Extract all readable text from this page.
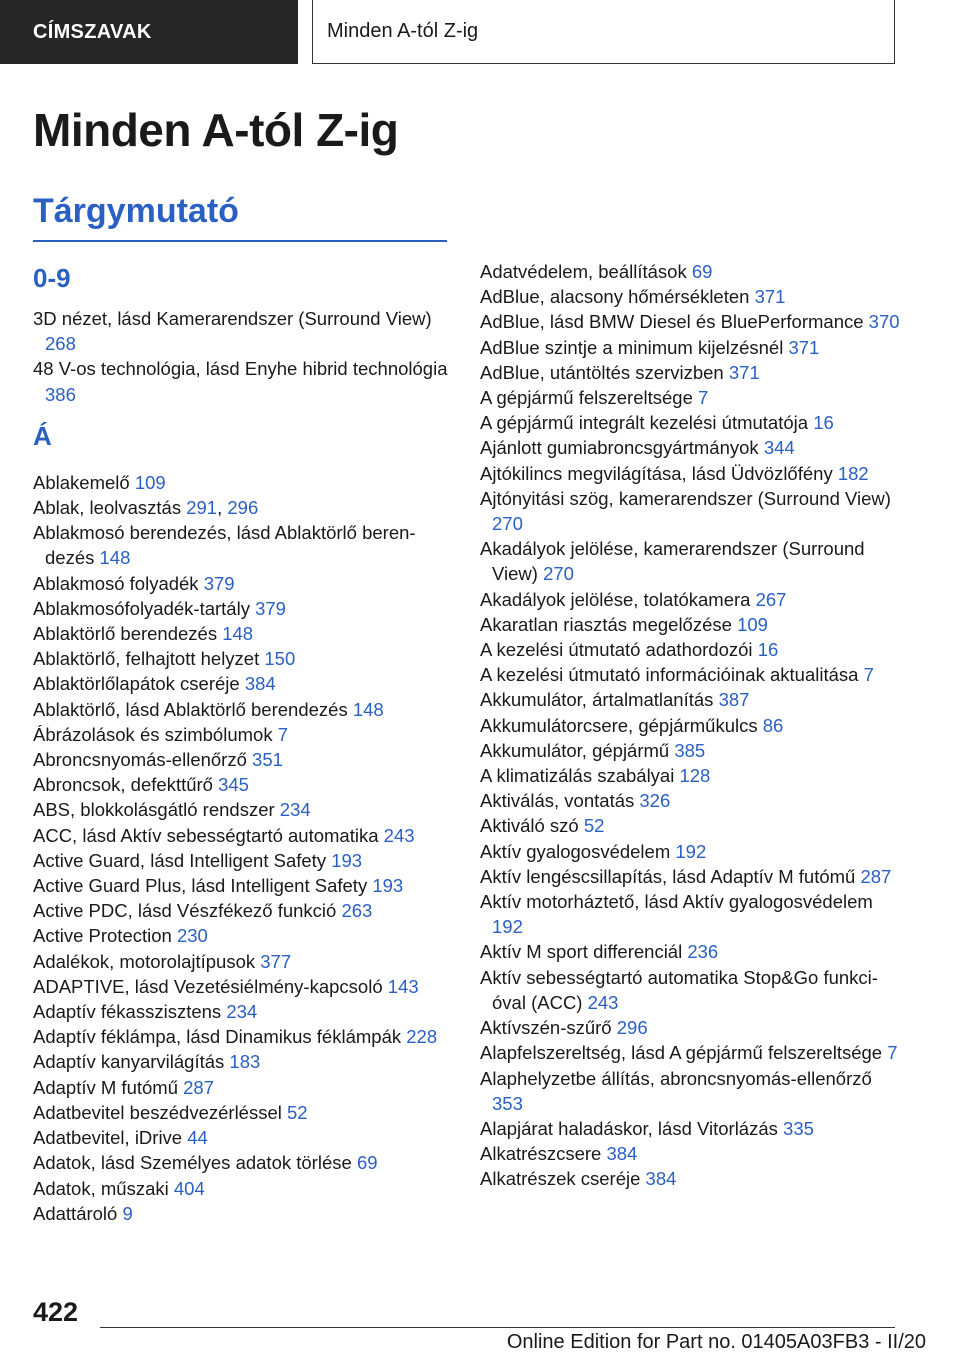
CÍMSZAVAK	Minden A-tól Z-ig
Minden A-tól Z-ig
Tárgymutató
0-9
3D nézet, lásd Kamerarendszer (Surround View) 268
48 V-os technológia, lásd Enyhe hibrid technológia 386
Á
Ablakemelő 109
Ablak, leolvasztás 291, 296
Ablakmosó berendezés, lásd Ablaktörlő berendezés 148
Ablakmosó folyadék 379
Ablakmosófolyadék-tartály 379
Ablaktörlő berendezés 148
Ablaktörlő, felhajtott helyzet 150
Ablaktörlőlapátok cseréje 384
Ablaktörlő, lásd Ablaktörlő berendezés 148
Ábrázolások és szimbólumok 7
Abroncsnyomás-ellenőrző 351
Abroncsok, defekttűrő 345
ABS, blokkolásgátló rendszer 234
ACC, lásd Aktív sebességtartó automatika 243
Active Guard, lásd Intelligent Safety 193
Active Guard Plus, lásd Intelligent Safety 193
Active PDC, lásd Vészfékező funkció 263
Active Protection 230
Adalékok, motorolajtípusok 377
ADAPTIVE, lásd Vezetésiélmény-kapcsoló 143
Adaptív fékasszisztens 234
Adaptív féklámpa, lásd Dinamikus féklámpák 228
Adaptív kanyarvilágítás 183
Adaptív M futómű 287
Adatbevitel beszédvezérléssel 52
Adatbevitel, iDrive 44
Adatok, lásd Személyes adatok törlése 69
Adatok, műszaki 404
Adattároló 9
Adatvédelem, beállítások 69
AdBlue, alacsony hőmérsékleten 371
AdBlue, lásd BMW Diesel és BluePerformance 370
AdBlue szintje a minimum kijelzésnél 371
AdBlue, utántöltés szervizben 371
A gépjármű felszereltsége 7
A gépjármű integrált kezelési útmutatója 16
Ajánlott gumiabroncsgyártmányok 344
Ajtókilincs megvilágítása, lásd Üdvözlőfény 182
Ajtónyitási szög, kamerarendszer (Surround View) 270
Akadályok jelölése, kamerarendszer (Surround View) 270
Akadályok jelölése, tolatókamera 267
Akaratlan riasztás megelőzése 109
A kezelési útmutató adathordozói 16
A kezelési útmutató információinak aktualitása 7
Akkumulátor, ártalmatlanítás 387
Akkumulátorcsere, gépjárműkulcs 86
Akkumulátor, gépjármű 385
A klimatizálás szabályai 128
Aktiválás, vontatás 326
Aktiváló szó 52
Aktív gyalogosvédelem 192
Aktív lengéscsillapítás, lásd Adaptív M futómű 287
Aktív motorháztető, lásd Aktív gyalogosvédelem 192
Aktív M sport differenciál 236
Aktív sebességtartó automatika Stop&Go funkcióval (ACC) 243
Aktívszén-szűrő 296
Alapfelszereltség, lásd A gépjármű felszereltsége 7
Alaphelyzetbe állítás, abroncsnyomás-ellenőrző 353
Alapjárat haladáskor, lásd Vitorlázás 335
Alkatrészcsere 384
Alkatrészek cseréje 384
422
Online Edition for Part no. 01405A03FB3 - II/20
